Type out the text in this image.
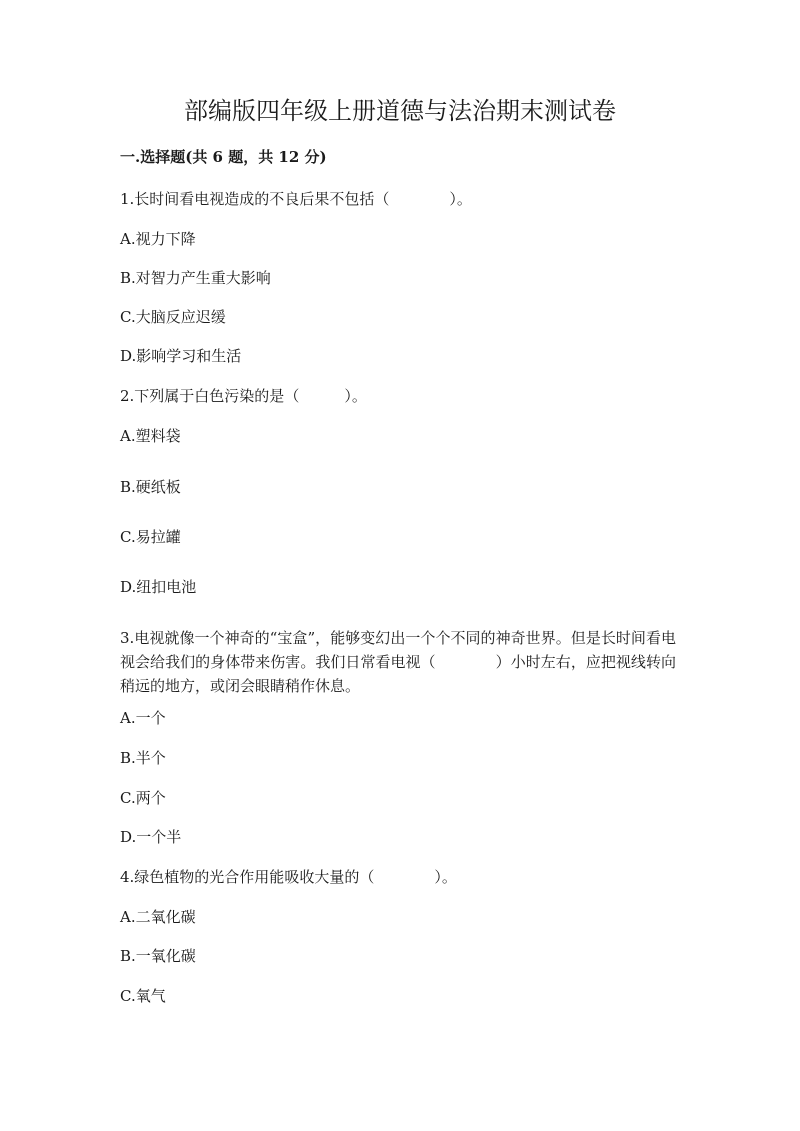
部编版四年级上册道德与法治期末测试卷
一.选择题(共 6 题，共 12 分)

1.长时间看电视造成的不良后果不包括（　　　　）。

A.视力下降

B.对智力产生重大影响

C.大脑反应迟缓

D.影响学习和生活

2.下列属于白色污染的是（　　　）。

A.塑料袋

B.硬纸板

C.易拉罐

D.纽扣电池

3.电视就像一个神奇的“宝盒”，能够变幻出一个个不同的神奇世界。但是长时间看电视会给我们的身体带来伤害。我们日常看电视（　　　　）小时左右，应把视线转向稍远的地方，或闭会眼睛稍作休息。

A.一个

B.半个

C.两个

D.一个半

4.绿色植物的光合作用能吸收大量的（　　　　）。

A.二氧化碳

B.一氧化碳

C.氧气
